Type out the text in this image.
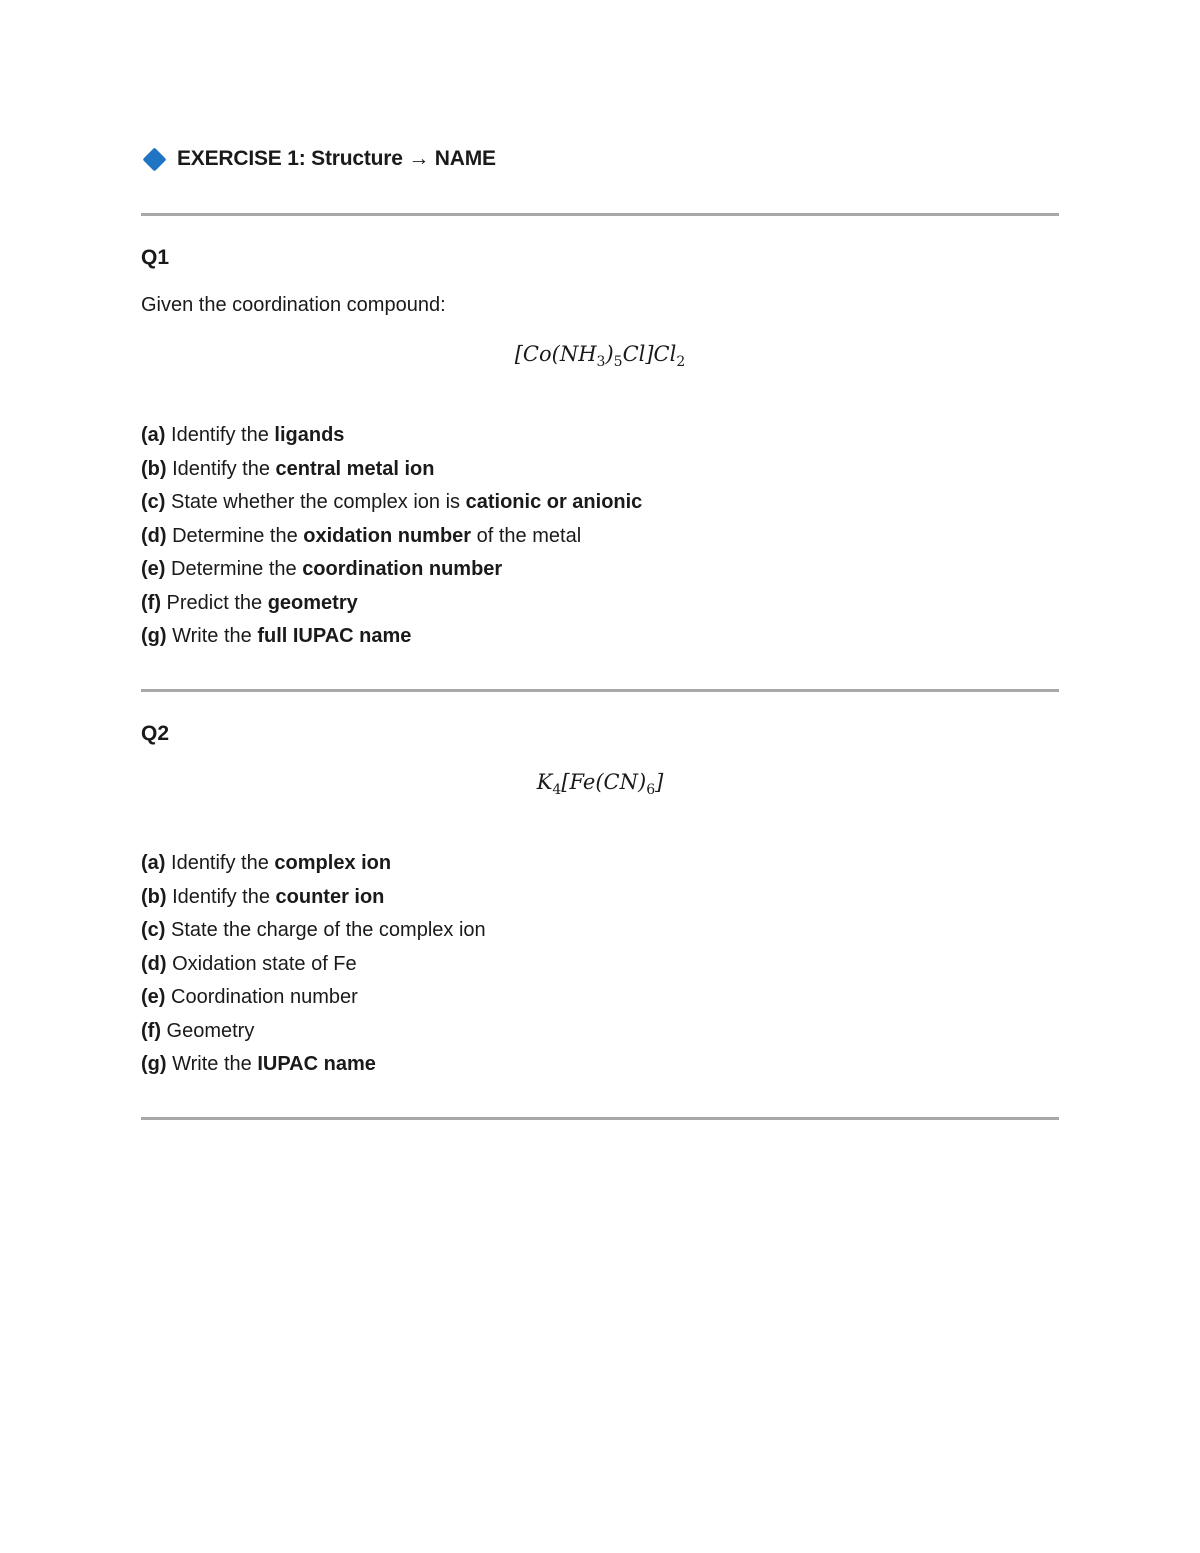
EXERCISE 1: Structure → NAME
Q1
Given the coordination compound:
$[Co(NH_3)_5Cl]Cl_2$
(a) Identify the ligands
(b) Identify the central metal ion
(c) State whether the complex ion is cationic or anionic
(d) Determine the oxidation number of the metal
(e) Determine the coordination number
(f) Predict the geometry
(g) Write the full IUPAC name
Q2
$K_4[Fe(CN)_6]$
(a) Identify the complex ion
(b) Identify the counter ion
(c) State the charge of the complex ion
(d) Oxidation state of Fe
(e) Coordination number
(f) Geometry
(g) Write the IUPAC name
